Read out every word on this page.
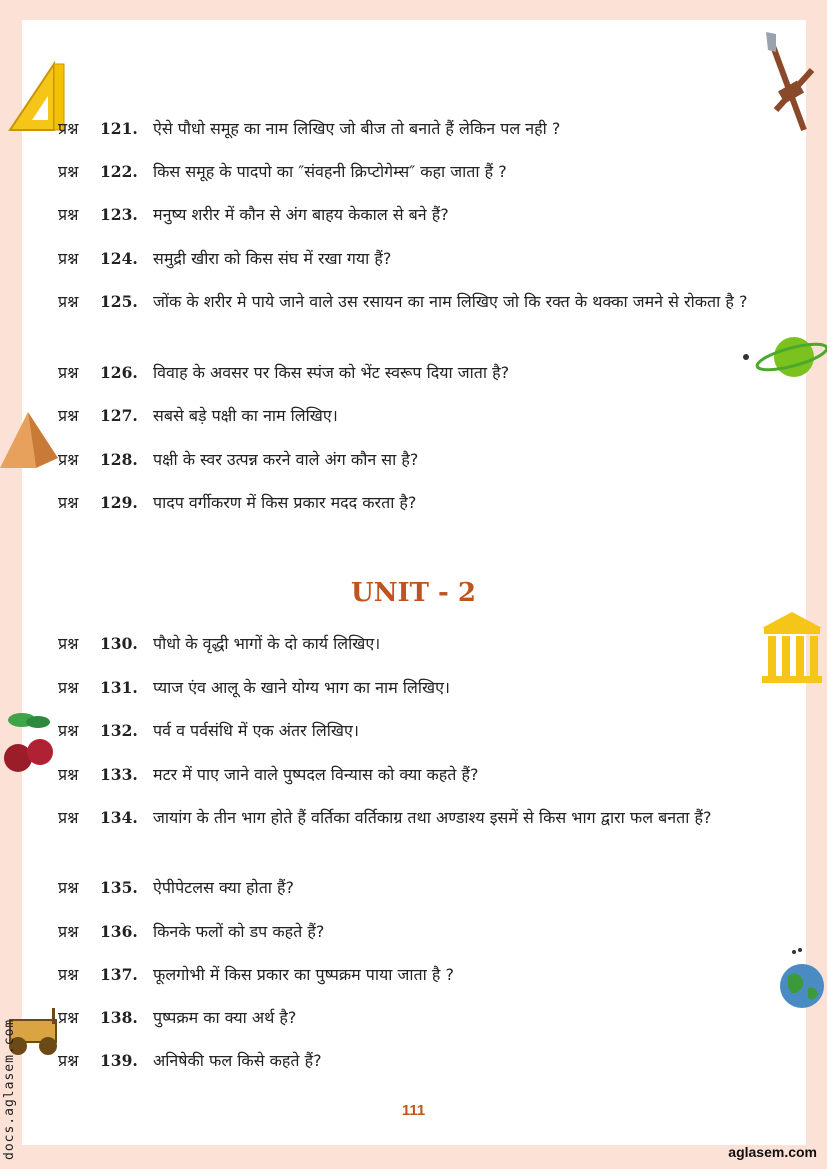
docs.aglasem.com
प्रश्न 121. ऐसे पौधो समूह का नाम लिखिए जो बीज तो बनाते हैं लेकिन पल नही ?
प्रश्न 122. किस समूह के पादपो का ″संवहनी क्रिप्टोगेम्स″ कहा जाता हैं ?
प्रश्न 123. मनुष्य शरीर में कौन से अंग बाहय केकाल से बने हैं?
प्रश्न 124. समुद्री खीरा को किस संघ में रखा गया हैं?
प्रश्न 125. जोंक के शरीर मे पाये जाने वाले उस रसायन का नाम लिखिए जो कि रक्त के थक्का जमने से रोकता है ?
प्रश्न 126. विवाह के अवसर पर किस स्पंज को भेंट स्वरूप दिया जाता है?
प्रश्न 127. सबसे बड़े पक्षी का नाम लिखिए।
प्रश्न 128. पक्षी के स्वर उत्पन्न करने वाले अंग कौन सा है?
प्रश्न 129. पादप वर्गीकरण में किस प्रकार मदद करता है?
UNIT - 2
प्रश्न 130. पौधो के वृद्धी भागों के दो कार्य लिखिए।
प्रश्न 131. प्याज एंव आलू के खाने योग्य भाग का नाम लिखिए।
प्रश्न 132. पर्व व पर्वसंधि में एक अंतर लिखिए।
प्रश्न 133. मटर में पाए जाने वाले पुष्पदल विन्यास को क्या कहते हैं?
प्रश्न 134. जायांग के तीन भाग होते हैं वर्तिका वर्तिकाग्र तथा अण्डाश्य इसमें से किस भाग द्वारा फल बनता हैं?
प्रश्न 135. ऐपीपेटलस क्या होता हैं?
प्रश्न 136. किनके फलों को डप कहते हैं?
प्रश्न 137. फूलगोभी में किस प्रकार का पुष्पक्रम पाया जाता है ?
प्रश्न 138. पुष्पक्रम का क्या अर्थ है?
प्रश्न 139. अनिषेकी फल किसे कहते हैं?
111
aglasem.com
